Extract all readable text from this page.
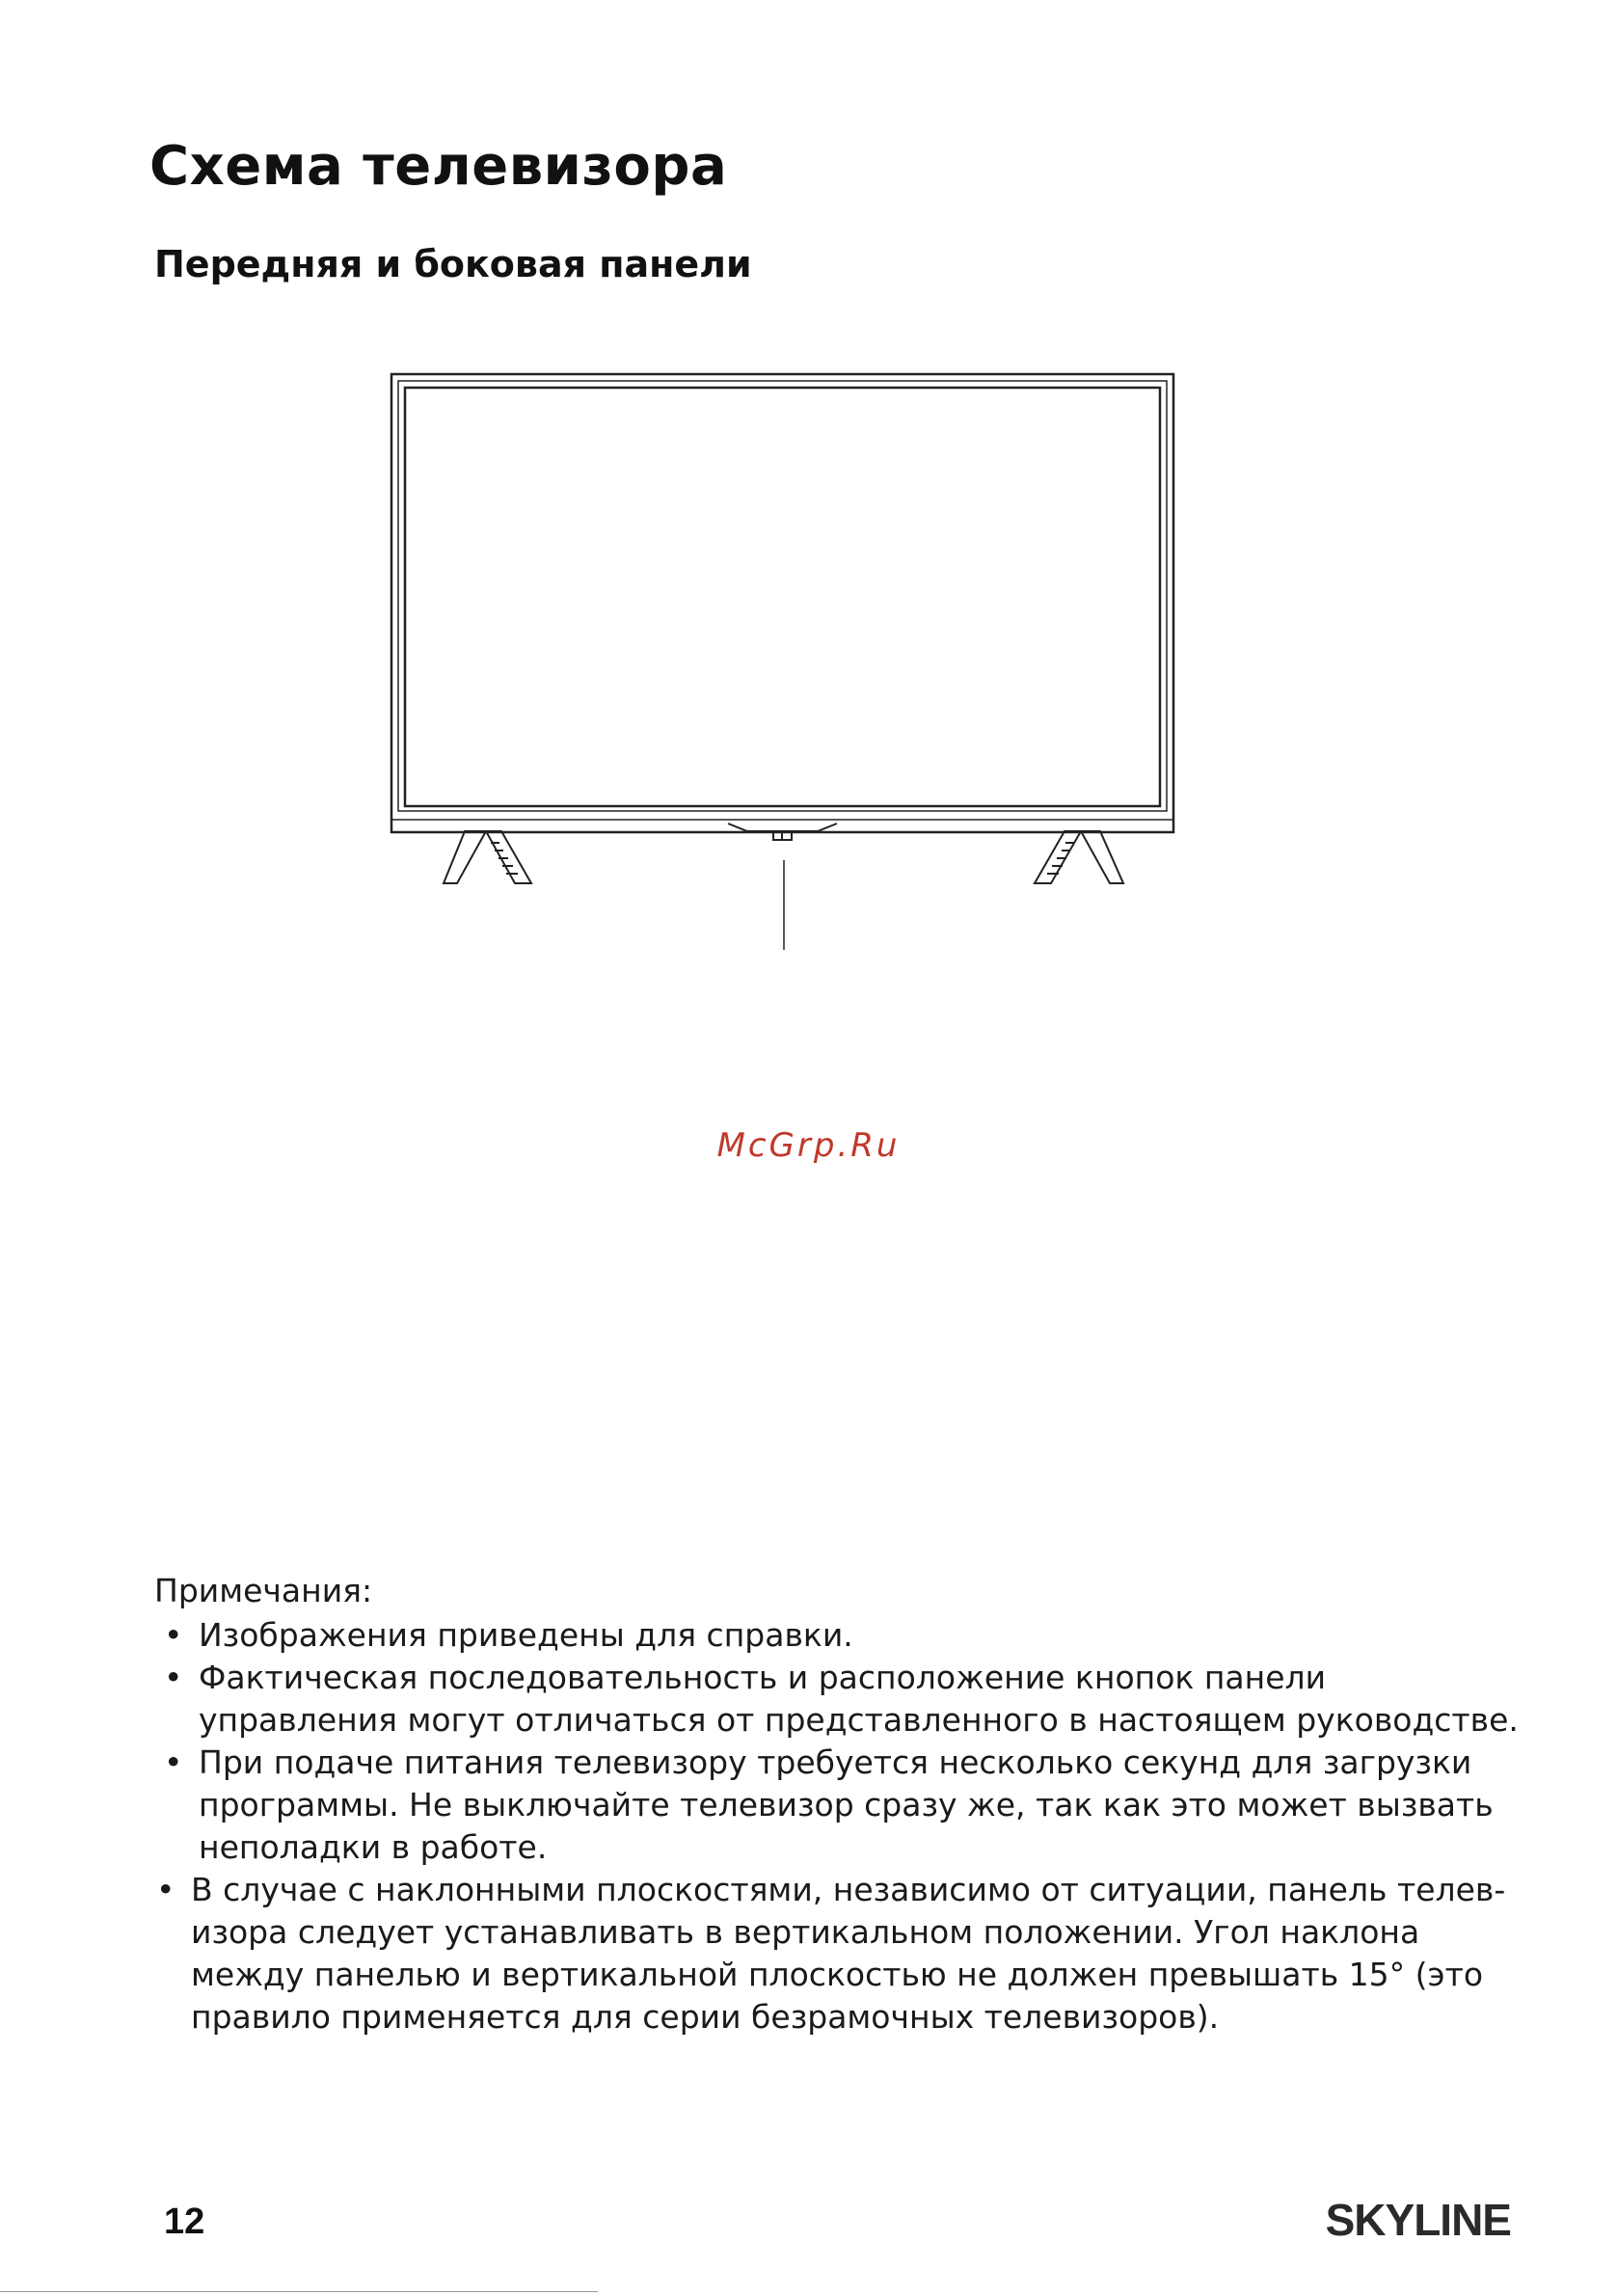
Схема телевизора
Передняя и боковая панели
McGrp.Ru

Примечания:

• Изображения приведены для справки.
• Фактическая последовательность и расположение кнопок панели управления могут отличаться от представленного в настоящем руководстве.
• При подаче питания телевизору требуется несколько секунд для загрузки программы. Не выключайте телевизор сразу же, так как это может вызвать неполадки в работе.
• В случае с наклонными плоскостями, независимо от ситуации, панель телев- изора следует устанавливать в вертикальном положении. Угол наклона между панелью и вертикальной плоскостью не должен превышать 15° (это правило применяется для серии безрамочных телевизоров).
12	SKYLINE
